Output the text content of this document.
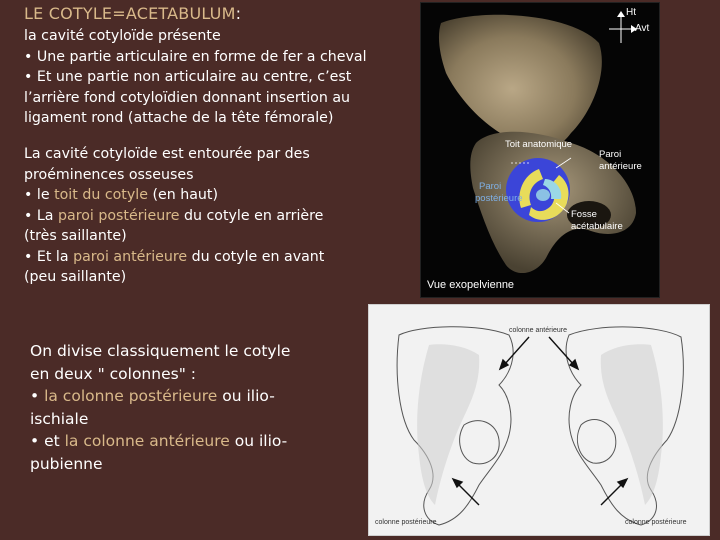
LE COTYLE=ACETABULUM:
la cavité cotyloïde présente
• Une partie articulaire en forme de fer a cheval
• Et une partie non articulaire au centre, c’est
l’arrière fond cotyloïdien donnant insertion au
ligament rond (attache de la tête fémorale)
La cavité cotyloïde est entourée par des
proéminences osseuses
• le toit du cotyle (en haut)
• La paroi postérieure du cotyle en arrière
(très saillante)
• Et la paroi antérieure du cotyle en avant
(peu saillante)
On divise classiquement le cotyle
en deux " colonnes" :
• la colonne postérieure ou ilio-
ischiale
• et la colonne antérieure ou ilio-
pubienne
Ht
Avt
Toit anatomique
Paroi
antérieure
Paroi
postérieure
Fosse
acétabulaire
Vue exopelvienne
colonne antérieure
colonne postérieure	colonne postérieure
